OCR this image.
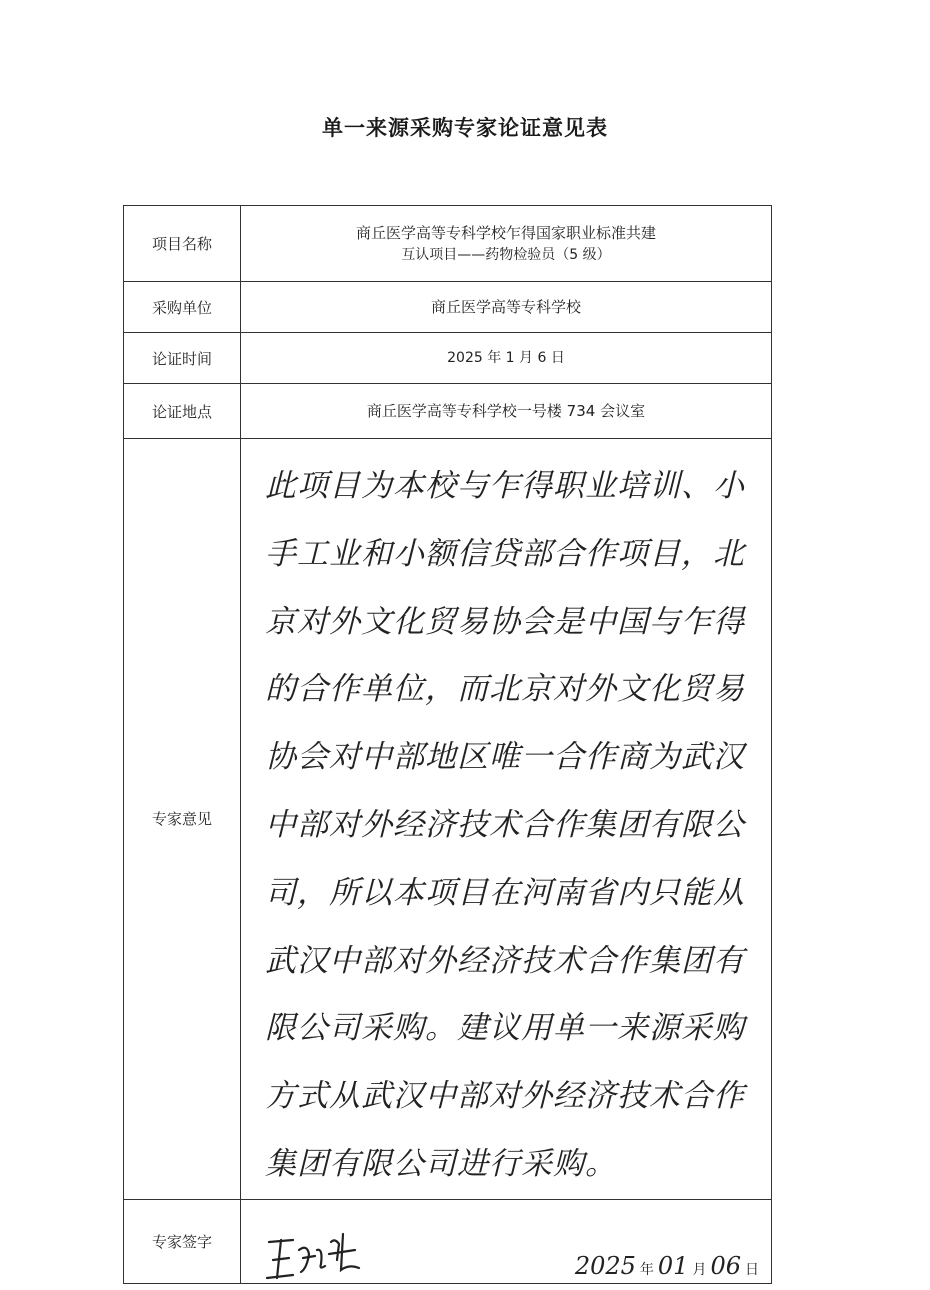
单一来源采购专家论证意见表
项目名称	商丘医学高等专科学校乍得国家职业标准共建
互认项目——药物检验员（5 级）

采购单位	商丘医学高等专科学校
论证时间	2025 年 1 月 6 日
论证地点	商丘医学高等专科学校一号楼 734 会议室
专家意见	此项目为本校与乍得职业培训、小手工业和小额信贷部合作项目，北京对外文化贸易协会是中国与乍得的合作单位，而北京对外文化贸易协会对中部地区唯一合作商为武汉中部对外经济技术合作集团有限公司，所以本项目在河南省内只能从武汉中部对外经济技术合作集团有限公司采购。建议用单一来源采购方式从武汉中部对外经济技术合作集团有限公司进行采购。

专家签字	2025 年 01 月 06 日
